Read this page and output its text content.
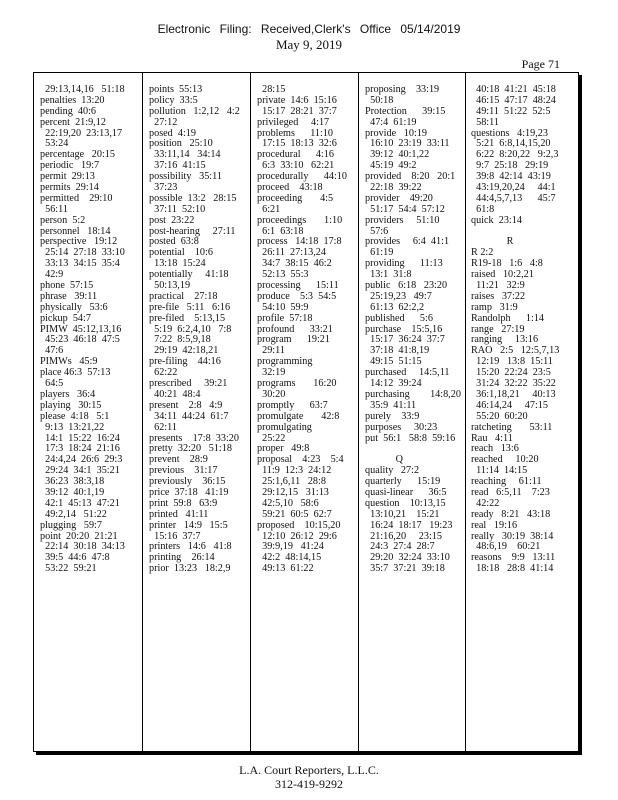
Electronic Filing: Received,Clerk's Office 05/14/2019
May 9, 2019
Page 71
29:13,14,16   51:18
penalties  13:20
pending  40:6
percent  21:9,12
22:19,20  23:13,17
53:24
percentage   20:15
periodic   19:7
permit  29:13
permits  29:14
permitted    29:10
56:11
person  5:2
personnel   18:14
perspective   19:12
25:14  27:18  33:10
33:13  34:15  35:4
42:9
phone  57:15
phrase   39:11
physically   53:6
pickup  54:7
PIMW  45:12,13,16
45:23  46:18  47:5
47:6
PIMWs   45:9
place 46:3  57:13
64:5
players   36:4
playing   30:15
please  4:18   5:1
9:13  13:21,22
14:1  15:22  16:24
17:3  18:24  21:16
24:4,24  26:6  29:3
29:24  34:1  35:21
36:23  38:3,18
39:12  40:1,19
42:1  45:13  47:21
49:2,14   51:22
plugging   59:7
point  20:20  21:21
22:14  30:18  34:13
39:5  44:6  47:8
53:22  59:21
points  55:13
policy  33:5
pollution   1:2,12   4:2
27:12
posed  4:19
position   25:10
33:11,14   34:14
37:16  41:15
possibility   35:11
37:23
possible  13:2   28:15
37:11  52:10
post  23:22
post-hearing     27:11
posted  63:8
potential    10:6
13:18  15:24
potentially     41:18
50:13,19
practical    27:18
pre-file   5:11   6:16
pre-filed    5:13,15
5:19  6:2,4,10   7:8
7:22  8:5,9,18
29:19  42:18,21
pre-filing    44:16
62:22
prescribed     39:21
40:21  48:4
present    2:8   4:9
34:11  44:24  61:7
62:11
presents    17:8  33:20
pretty  32:20   51:18
prevent    28:9
previous    31:17
previously    36:15
price  37:18   41:19
print  59:8   63:9
printed   41:11
printer   14:9   15:5
15:16  37:7
printers   14:6   41:8
printing    26:14
prior  13:23   18:2,9
28:15
private  14:6  15:16
15:17  28:21  37:7
privileged     4:17
problems      11:10
17:15  18:13  32:6
procedural      4:16
6:3  33:10   62:21
procedurally      44:10
proceed    43:18
proceeding       4:5
6:21
proceedings       1:10
6:1  63:18
process   14:18  17:8
26:11  27:13,24
34:7  38:15  46:2
52:13  55:3
processing      15:11
produce    5:3  54:5
54:10  59:9
profile  57:18
profound      33:21
program      19:21
29:11
programming
32:19
programs       16:20
30:20
promptly      63:7
promulgate       42:8
promulgating
25:22
proper   49:8
proposal    4:23    5:4
11:9  12:3  24:12
25:1,6,11   28:8
29:12,15   31:13
42:5,10   58:6
59:21  60:5  62:7
proposed    10:15,20
12:10  26:12  29:6
39:9,19   41:24
42:2  48:14,15
49:13  61:22
proposing    33:19
50:18
Protection      39:15
47:4  61:19
provide   10:19
16:10  23:19  33:11
39:12  40:1,22
45:19  49:2
provided    8:20   20:1
22:18  39:22
provider    49:20
51:17  54:4  57:12
providers     51:10
57:6
provides     6:4  41:1
61:19
providing      11:13
13:1  31:8
public   6:18   23:20
25:19,23   49:7
61:13  62:2,2
published      5:6
purchase    15:5,16
15:17  36:24  37:7
37:18  41:8,19
49:15  51:15
purchased     14:5,11
14:12  39:24
purchasing        14:8,20
35:9  41:11
purely    33:9
purposes     30:23
put  56:1   58:8  59:16
Q
quality   27:2
quarterly      15:19
quasi-linear      36:5
question    10:13,15
13:10,21    15:21
16:24  18:17   19:23
21:16,20     23:15
24:3  27:4  28:7
29:20  32:24  33:10
35:7  37:21  39:18
40:18  41:21  45:18
46:15  47:17  48:24
49:11  51:22  52:5
58:11
questions   4:19,23
5:21  6:8,14,15,20
6:22  8:20,22   9:2,3
9:7  25:18   29:19
39:8  42:14  43:19
43:19,20,24     44:1
44:4,5,7,13      45:7
61:8
quick  23:14
R
R 2:2
R19-18   1:6   4:8
raised   10:2,21
11:21   32:9
raises   37:22
ramp   31:9
Randolph      1:14
range   27:19
ranging     13:16
RAO   2:5   12:5,7,13
12:19   13:8  15:11
15:20  22:24  23:5
31:24  32:22  35:22
36:1,18,21     40:13
46:14,24     47:15
55:20  60:20
ratcheting       53:11
Rau   4:11
reach   13:6
reached     10:20
11:14  14:15
reaching     61:11
read   6:5,11    7:23
42:22
ready   8:21   43:18
real   19:16
really   30:19  38:14
48:6,19    60:21
reasons    9:9   13:11
18:18   28:8  41:14
L.A. Court Reporters, L.L.C.
312-419-9292
